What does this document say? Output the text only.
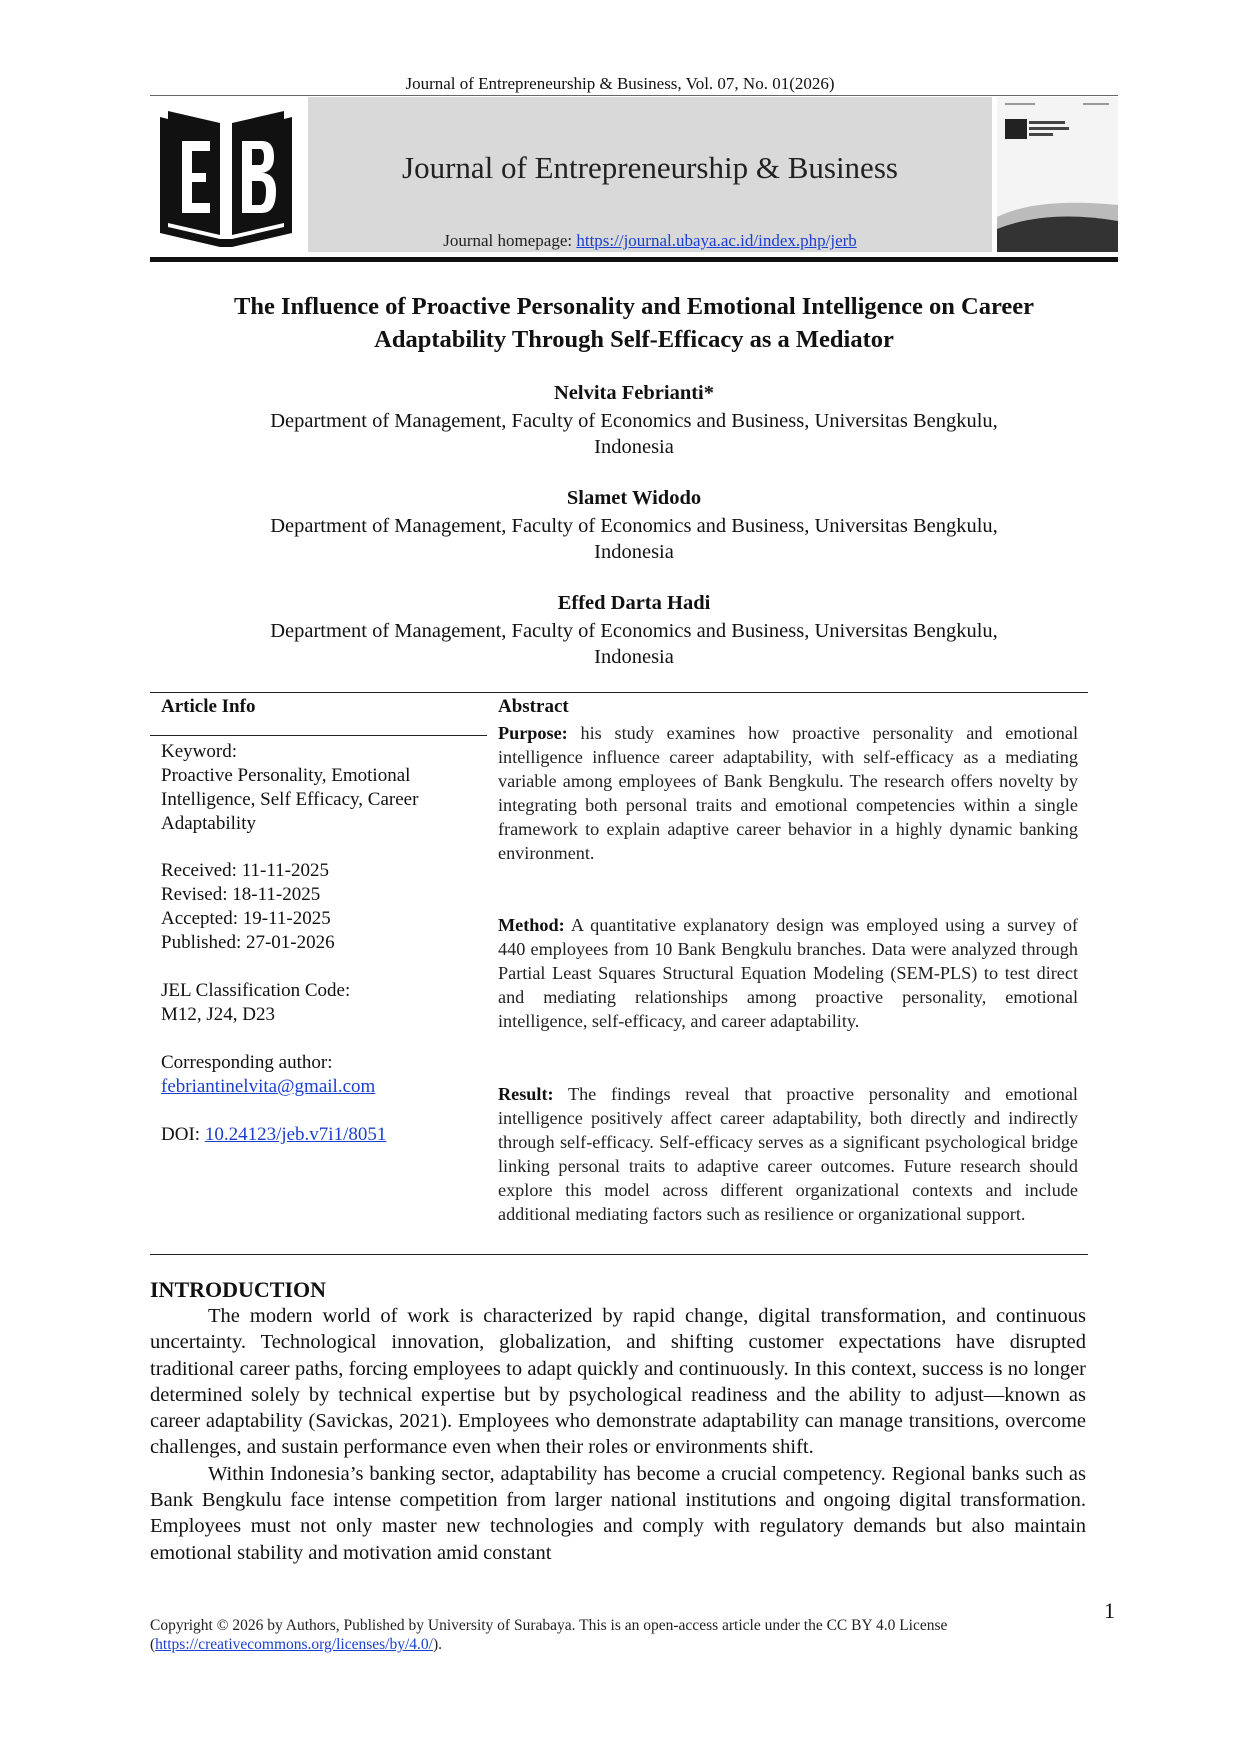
Journal of Entrepreneurship & Business, Vol. 07, No. 01(2026)
Journal of Entrepreneurship & Business
Journal homepage: https://journal.ubaya.ac.id/index.php/jerb
The Influence of Proactive Personality and Emotional Intelligence on Career
Adaptability Through Self-Efficacy as a Mediator
Nelvita Febrianti*
Department of Management, Faculty of Economics and Business, Universitas Bengkulu,
Indonesia
Slamet Widodo
Department of Management, Faculty of Economics and Business, Universitas Bengkulu,
Indonesia
Effed Darta Hadi
Department of Management, Faculty of Economics and Business, Universitas Bengkulu,
Indonesia
Article Info
Keyword:
Proactive Personality, Emotional
Intelligence, Self Efficacy, Career
Adaptability
Received: 11-11-2025
Revised: 18-11-2025
Accepted: 19-11-2025
Published: 27-01-2026
JEL Classification Code:
M12, J24, D23
Corresponding author:
febriantinelvita@gmail.com
DOI: 10.24123/jeb.v7i1/8051
Abstract

Purpose: his study examines how proactive personality and emotional intelligence influence career adaptability, with self-efficacy as a mediating variable among employees of Bank Bengkulu. The research offers novelty by integrating both personal traits and emotional competencies within a single framework to explain adaptive career behavior in a highly dynamic banking environment.

Method: A quantitative explanatory design was employed using a survey of 440 employees from 10 Bank Bengkulu branches. Data were analyzed through Partial Least Squares Structural Equation Modeling (SEM-PLS) to test direct and mediating relationships among proactive personality, emotional intelligence, self-efficacy, and career adaptability.

Result: The findings reveal that proactive personality and emotional intelligence positively affect career adaptability, both directly and indirectly through self-efficacy. Self-efficacy serves as a significant psychological bridge linking personal traits to adaptive career outcomes. Future research should explore this model across different organizational contexts and include additional mediating factors such as resilience or organizational support.

INTRODUCTION

The modern world of work is characterized by rapid change, digital transformation, and continuous uncertainty. Technological innovation, globalization, and shifting customer expectations have disrupted traditional career paths, forcing employees to adapt quickly and continuously. In this context, success is no longer determined solely by technical expertise but by psychological readiness and the ability to adjust—known as career adaptability (Savickas, 2021). Employees who demonstrate adaptability can manage transitions, overcome challenges, and sustain performance even when their roles or environments shift.

Within Indonesia’s banking sector, adaptability has become a crucial competency. Regional banks such as Bank Bengkulu face intense competition from larger national institutions and ongoing digital transformation. Employees must not only master new technologies and comply with regulatory demands but also maintain emotional stability and motivation amid constant

Copyright © 2026 by Authors, Published by University of Surabaya. This is an open-access article under the CC BY 4.0 License
(https://creativecommons.org/licenses/by/4.0/).
1
